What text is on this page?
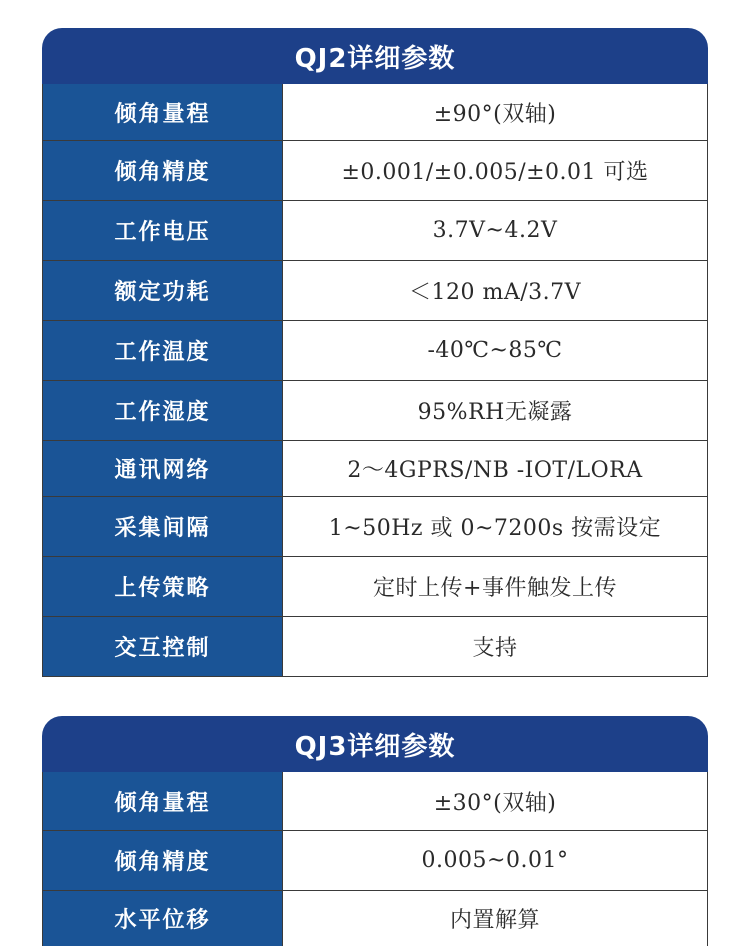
QJ2详细参数
倾角量程	±90°(双轴)
倾角精度	±0.001/±0.005/±0.01 可选
工作电压	3.7V~4.2V
额定功耗	＜120 mA/3.7V
工作温度	-40℃~85℃
工作湿度	95%RH无凝露
通讯网络	2～4GPRS/NB -IOT/LORA
采集间隔	1~50Hz 或 0~7200s 按需设定
上传策略	定时上传+事件触发上传
交互控制	支持
QJ3详细参数
倾角量程	±30°(双轴)
倾角精度	0.005~0.01°
水平位移	内置解算
